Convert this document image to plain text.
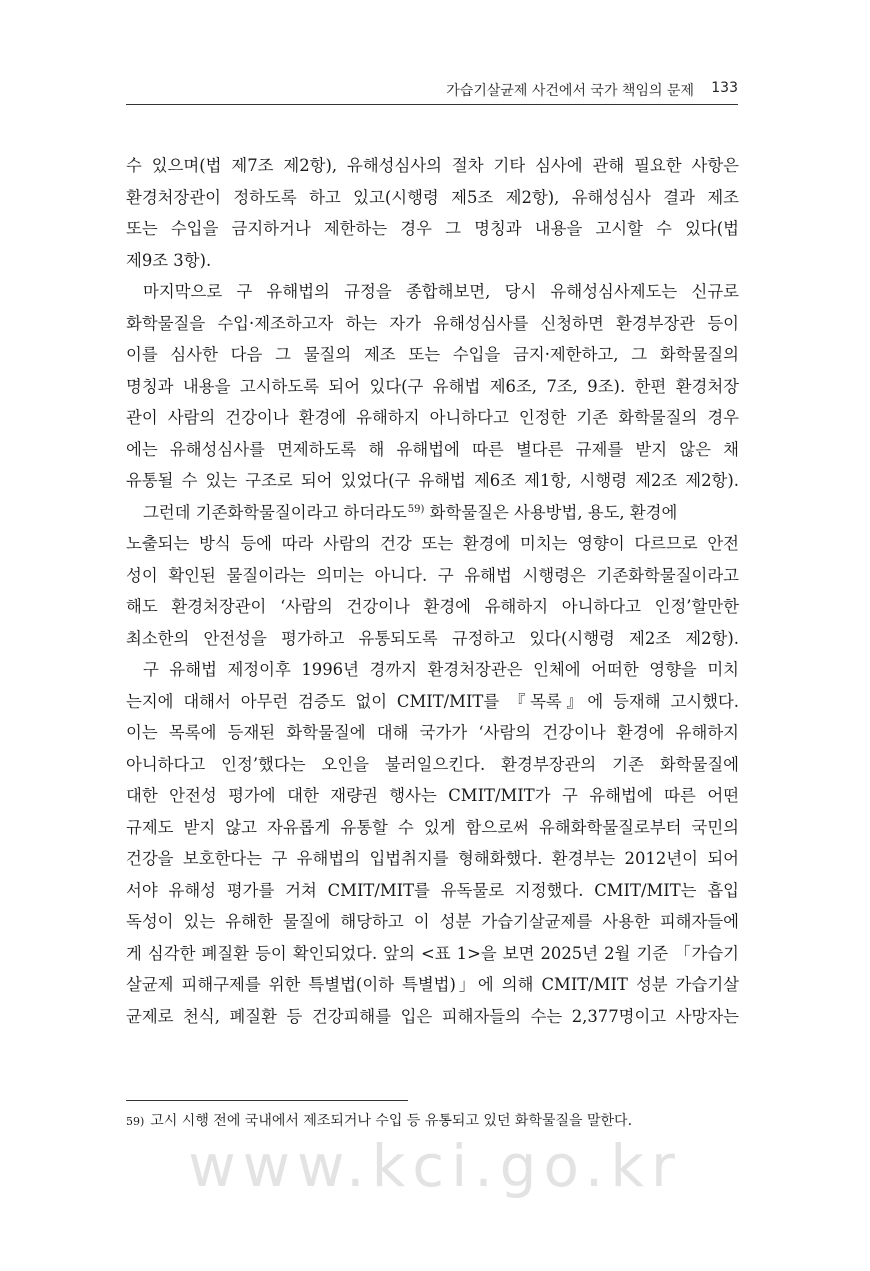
가습기살균제 사건에서 국가 책임의 문제 133
수 있으며(법 제7조 제2항), 유해성심사의 절차 기타 심사에 관해 필요한 사항은
환경처장관이 정하도록 하고 있고(시행령 제5조 제2항), 유해성심사 결과 제조
또는 수입을 금지하거나 제한하는 경우 그 명칭과 내용을 고시할 수 있다(법
제9조 3항).
마지막으로 구 유해법의 규정을 종합해보면, 당시 유해성심사제도는 신규로
화학물질을 수입·제조하고자 하는 자가 유해성심사를 신청하면 환경부장관 등이
이를 심사한 다음 그 물질의 제조 또는 수입을 금지·제한하고, 그 화학물질의
명칭과 내용을 고시하도록 되어 있다(구 유해법 제6조, 7조, 9조). 한편 환경처장
관이 사람의 건강이나 환경에 유해하지 아니하다고 인정한 기존 화학물질의 경우
에는 유해성심사를 면제하도록 해 유해법에 따른 별다른 규제를 받지 않은 채
유통될 수 있는 구조로 되어 있었다(구 유해법 제6조 제1항, 시행령 제2조 제2항).
그런데 기존화학물질이라고 하더라도$^{59)}$ 화학물질은 사용방법, 용도, 환경에
노출되는 방식 등에 따라 사람의 건강 또는 환경에 미치는 영향이 다르므로 안전
성이 확인된 물질이라는 의미는 아니다. 구 유해법 시행령은 기존화학물질이라고
해도 환경처장관이 ‘사람의 건강이나 환경에 유해하지 아니하다고 인정’할만한
최소한의 안전성을 평가하고 유통되도록 규정하고 있다(시행령 제2조 제2항).
구 유해법 제정이후 1996년 경까지 환경처장관은 인체에 어떠한 영향을 미치
는지에 대해서 아무런 검증도 없이 CMIT/MIT를 『목록』에 등재해 고시했다.
이는 목록에 등재된 화학물질에 대해 국가가 ‘사람의 건강이나 환경에 유해하지
아니하다고 인정’했다는 오인을 불러일으킨다. 환경부장관의 기존 화학물질에
대한 안전성 평가에 대한 재량권 행사는 CMIT/MIT가 구 유해법에 따른 어떤
규제도 받지 않고 자유롭게 유통할 수 있게 함으로써 유해화학물질로부터 국민의
건강을 보호한다는 구 유해법의 입법취지를 형해화했다. 환경부는 2012년이 되어
서야 유해성 평가를 거쳐 CMIT/MIT를 유독물로 지정했다. CMIT/MIT는 흡입
독성이 있는 유해한 물질에 해당하고 이 성분 가습기살균제를 사용한 피해자들에
게 심각한 폐질환 등이 확인되었다. 앞의 <표 1>을 보면 2025년 2월 기준 「가습기
살균제 피해구제를 위한 특별법(이하 특별법)」에 의해 CMIT/MIT 성분 가습기살
균제로 천식, 폐질환 등 건강피해를 입은 피해자들의 수는 2,377명이고 사망자는
59) 고시 시행 전에 국내에서 제조되거나 수입 등 유통되고 있던 화학물질을 말한다.
www.kci.go.kr
